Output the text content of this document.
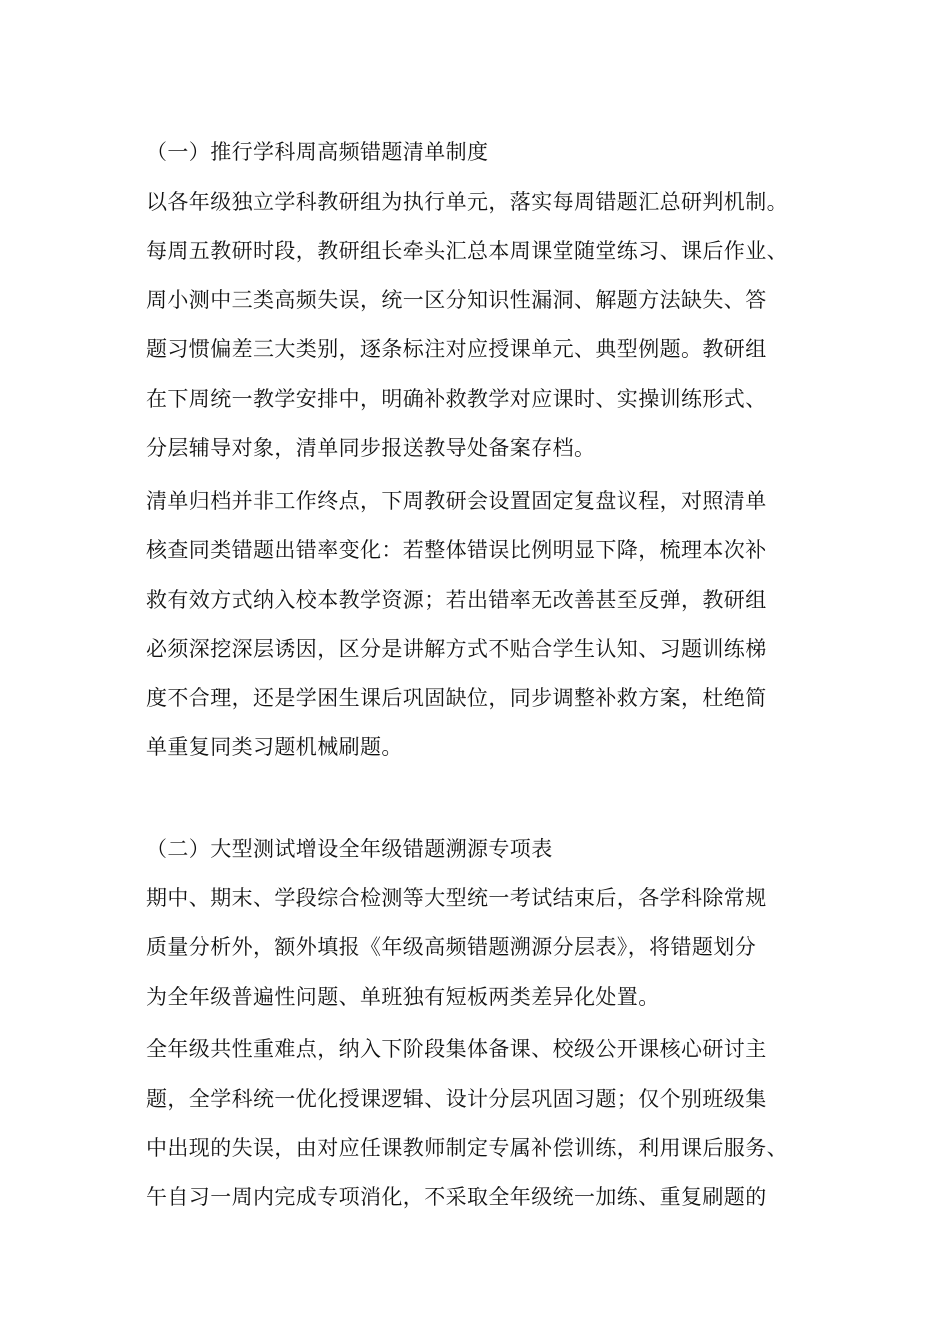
（一）推行学科周高频错题清单制度
以各年级独立学科教研组为执行单元，落实每周错题汇总研判机制。
每周五教研时段，教研组长牵头汇总本周课堂随堂练习、课后作业、
周小测中三类高频失误，统一区分知识性漏洞、解题方法缺失、答
题习惯偏差三大类别，逐条标注对应授课单元、典型例题。教研组
在下周统一教学安排中，明确补救教学对应课时、实操训练形式、
分层辅导对象，清单同步报送教导处备案存档。
清单归档并非工作终点，下周教研会设置固定复盘议程，对照清单
核查同类错题出错率变化：若整体错误比例明显下降，梳理本次补
救有效方式纳入校本教学资源；若出错率无改善甚至反弹，教研组
必须深挖深层诱因，区分是讲解方式不贴合学生认知、习题训练梯
度不合理，还是学困生课后巩固缺位，同步调整补救方案，杜绝简
单重复同类习题机械刷题。
（二）大型测试增设全年级错题溯源专项表
期中、期末、学段综合检测等大型统一考试结束后，各学科除常规
质量分析外，额外填报《年级高频错题溯源分层表》，将错题划分
为全年级普遍性问题、单班独有短板两类差异化处置。
全年级共性重难点，纳入下阶段集体备课、校级公开课核心研讨主
题，全学科统一优化授课逻辑、设计分层巩固习题；仅个别班级集
中出现的失误，由对应任课教师制定专属补偿训练，利用课后服务、
午自习一周内完成专项消化，不采取全年级统一加练、重复刷题的
